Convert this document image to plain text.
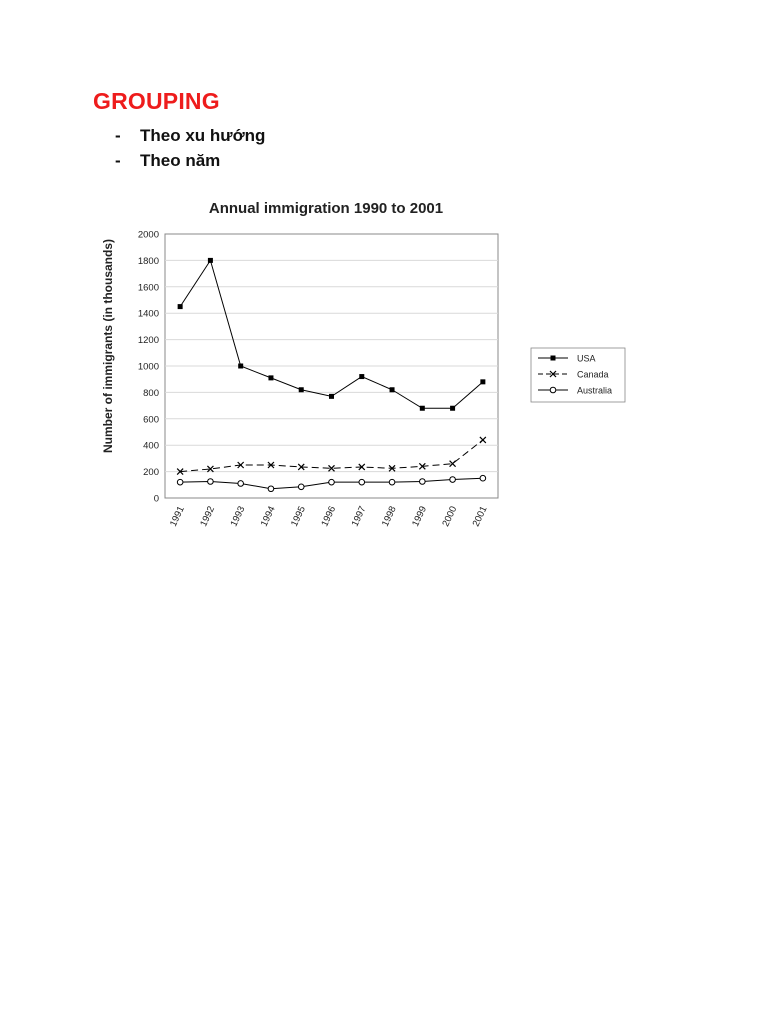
GROUPING
-	Theo xu hướng
-	Theo năm
Annual immigration 1990 to 2001
Number of immigrants (in thousands)
0
200
400
600
800
1000
1200
1400
1600
1800
2000
1991 1992 1993 1994 1995 1996 1997 1998 1999 2000 2001
USA
Canada
Australia
